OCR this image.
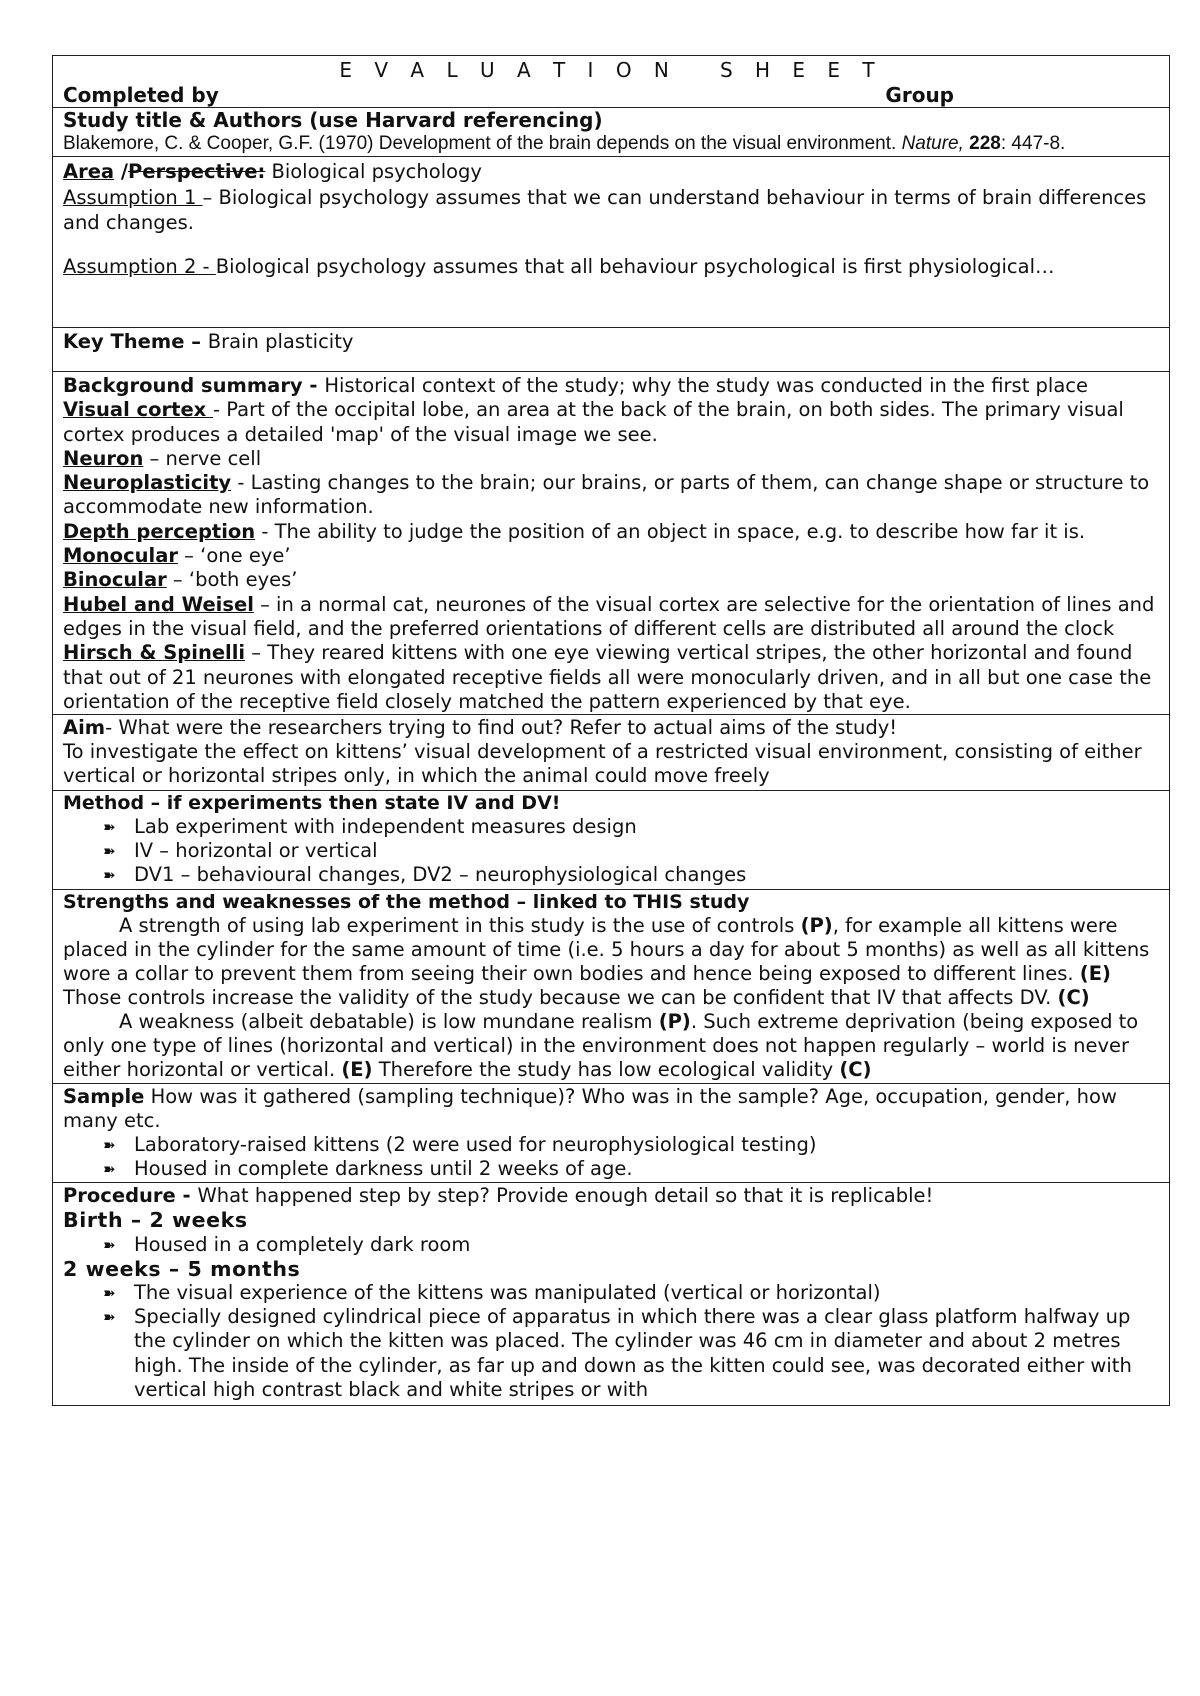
E V A L U A T I O N   S H E E T
Completed by	Group
Study title & Authors (use Harvard referencing)
Blakemore, C. & Cooper, G.F. (1970) Development of the brain depends on the visual environment. Nature, 228: 447-8.
Area /Perspective: Biological psychology
Assumption 1 – Biological psychology assumes that we can understand behaviour in terms of brain differences and changes.
Assumption 2 - Biological psychology assumes that all behaviour psychological is first physiological…
Key Theme – Brain plasticity
Background summary - Historical context of the study; why the study was conducted in the first place
Visual cortex - Part of the occipital lobe, an area at the back of the brain, on both sides. The primary visual cortex produces a detailed 'map' of the visual image we see.
Neuron – nerve cell
Neuroplasticity - Lasting changes to the brain; our brains, or parts of them, can change shape or structure to accommodate new information.
Depth perception - The ability to judge the position of an object in space, e.g. to describe how far it is.
Monocular – ‘one eye’
Binocular – ‘both eyes’
Hubel and Weisel – in a normal cat, neurones of the visual cortex are selective for the orientation of lines and edges in the visual field, and the preferred orientations of different cells are distributed all around the clock
Hirsch & Spinelli – They reared kittens with one eye viewing vertical stripes, the other horizontal and found that out of 21 neurones with elongated receptive fields all were monocularly driven, and in all but one case the orientation of the receptive field closely matched the pattern experienced by that eye.
Aim- What were the researchers trying to find out? Refer to actual aims of the study!
To investigate the effect on kittens’ visual development of a restricted visual environment, consisting of either vertical or horizontal stripes only, in which the animal could move freely
Method – if experiments then state IV and DV!
➽ Lab experiment with independent measures design
➽ IV – horizontal or vertical
➽ DV1 – behavioural changes, DV2 – neurophysiological changes
Strengths and weaknesses of the method – linked to THIS study
A strength of using lab experiment in this study is the use of controls (P), for example all kittens were placed in the cylinder for the same amount of time (i.e. 5 hours a day for about 5 months) as well as all kittens wore a collar to prevent them from seeing their own bodies and hence being exposed to different lines. (E) Those controls increase the validity of the study because we can be confident that IV that affects DV. (C)
A weakness (albeit debatable) is low mundane realism (P). Such extreme deprivation (being exposed to only one type of lines (horizontal and vertical) in the environment does not happen regularly – world is never either horizontal or vertical. (E) Therefore the study has low ecological validity (C)
Sample How was it gathered (sampling technique)? Who was in the sample? Age, occupation, gender, how many etc.
➽ Laboratory-raised kittens (2 were used for neurophysiological testing)
➽ Housed in complete darkness until 2 weeks of age.
Procedure - What happened step by step? Provide enough detail so that it is replicable!
Birth – 2 weeks
➽ Housed in a completely dark room
2 weeks – 5 months
➽ The visual experience of the kittens was manipulated (vertical or horizontal)
➽ Specially designed cylindrical piece of apparatus in which there was a clear glass platform halfway up the cylinder on which the kitten was placed. The cylinder was 46 cm in diameter and about 2 metres high. The inside of the cylinder, as far up and down as the kitten could see, was decorated either with vertical high contrast black and white stripes or with
